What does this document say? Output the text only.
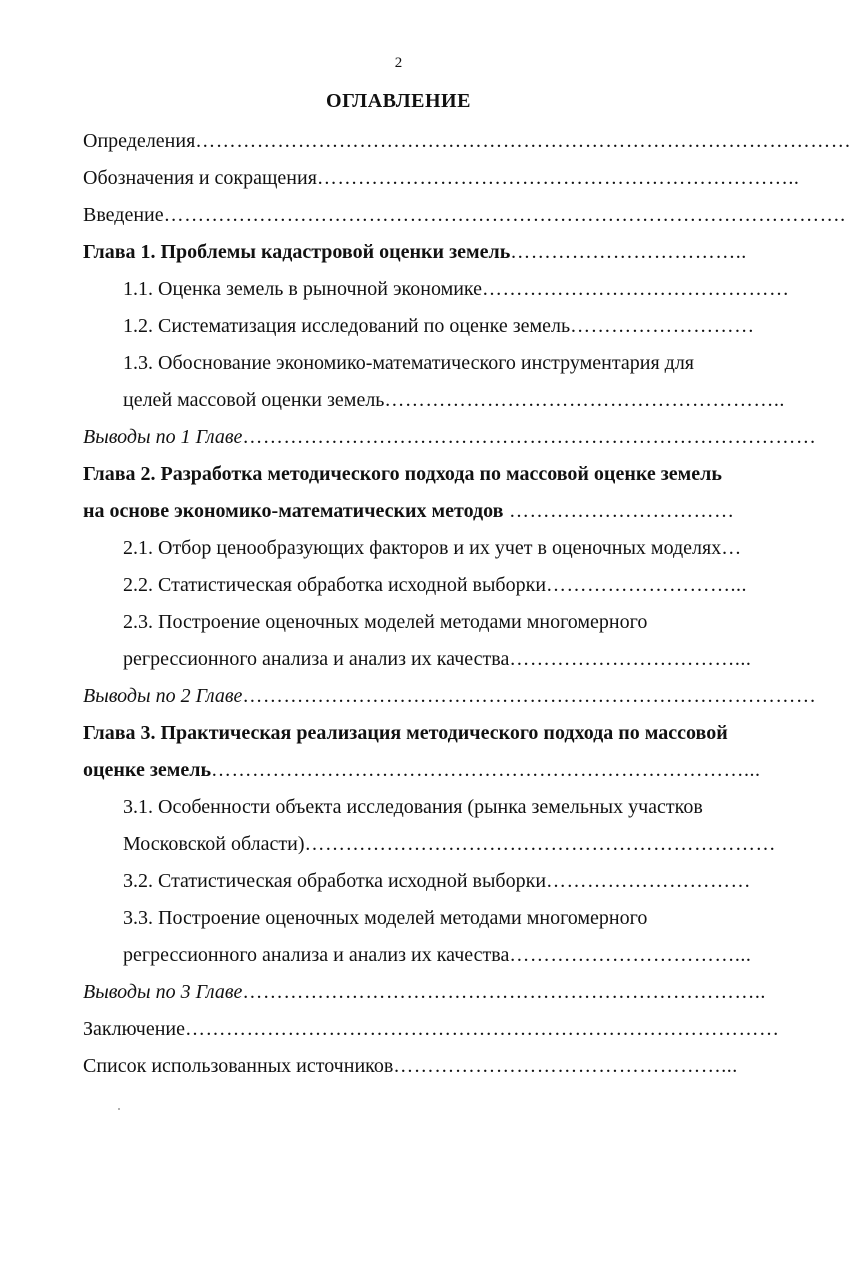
2
ОГЛАВЛЕНИЕ
Определения……………………………………………………………………………………
Обозначения и сокращения……………………………………………………………..
Введение……………………………………………………………………………………….
Глава 1. Проблемы кадастровой оценки земель……………………………..
1.1. Оценка земель в рыночной экономике………………………………………
1.2. Систематизация исследований по оценке земель………………………
1.3. Обоснование экономико-математического инструментария для
целей массовой оценки земель…………………………………………………..
Выводы по 1 Главе…………………………………………………………………………
Глава 2. Разработка методического подхода по массовой оценке земель
на основе экономико-математических методов ……………………………
2.1. Отбор ценообразующих факторов и их учет в оценочных моделях…
2.2. Статистическая обработка исходной выборки………………………...
2.3. Построение оценочных моделей методами многомерного
регрессионного анализа и анализ их качества……………………………...
Выводы по 2 Главе…………………………………………………………………………
Глава 3. Практическая реализация методического подхода по массовой
оценке земель……………………………………………………………………...
3.1. Особенности объекта исследования (рынка земельных участков
Московской области)……………………………………………………………
3.2. Статистическая обработка исходной выборки…………………………
3.3. Построение оценочных моделей методами многомерного
регрессионного анализа и анализ их качества……………………………...
Выводы по 3 Главе…………………………………………………………………..
Заключение……………………………………………………………………………
Список использованных источников…………………………………………...
